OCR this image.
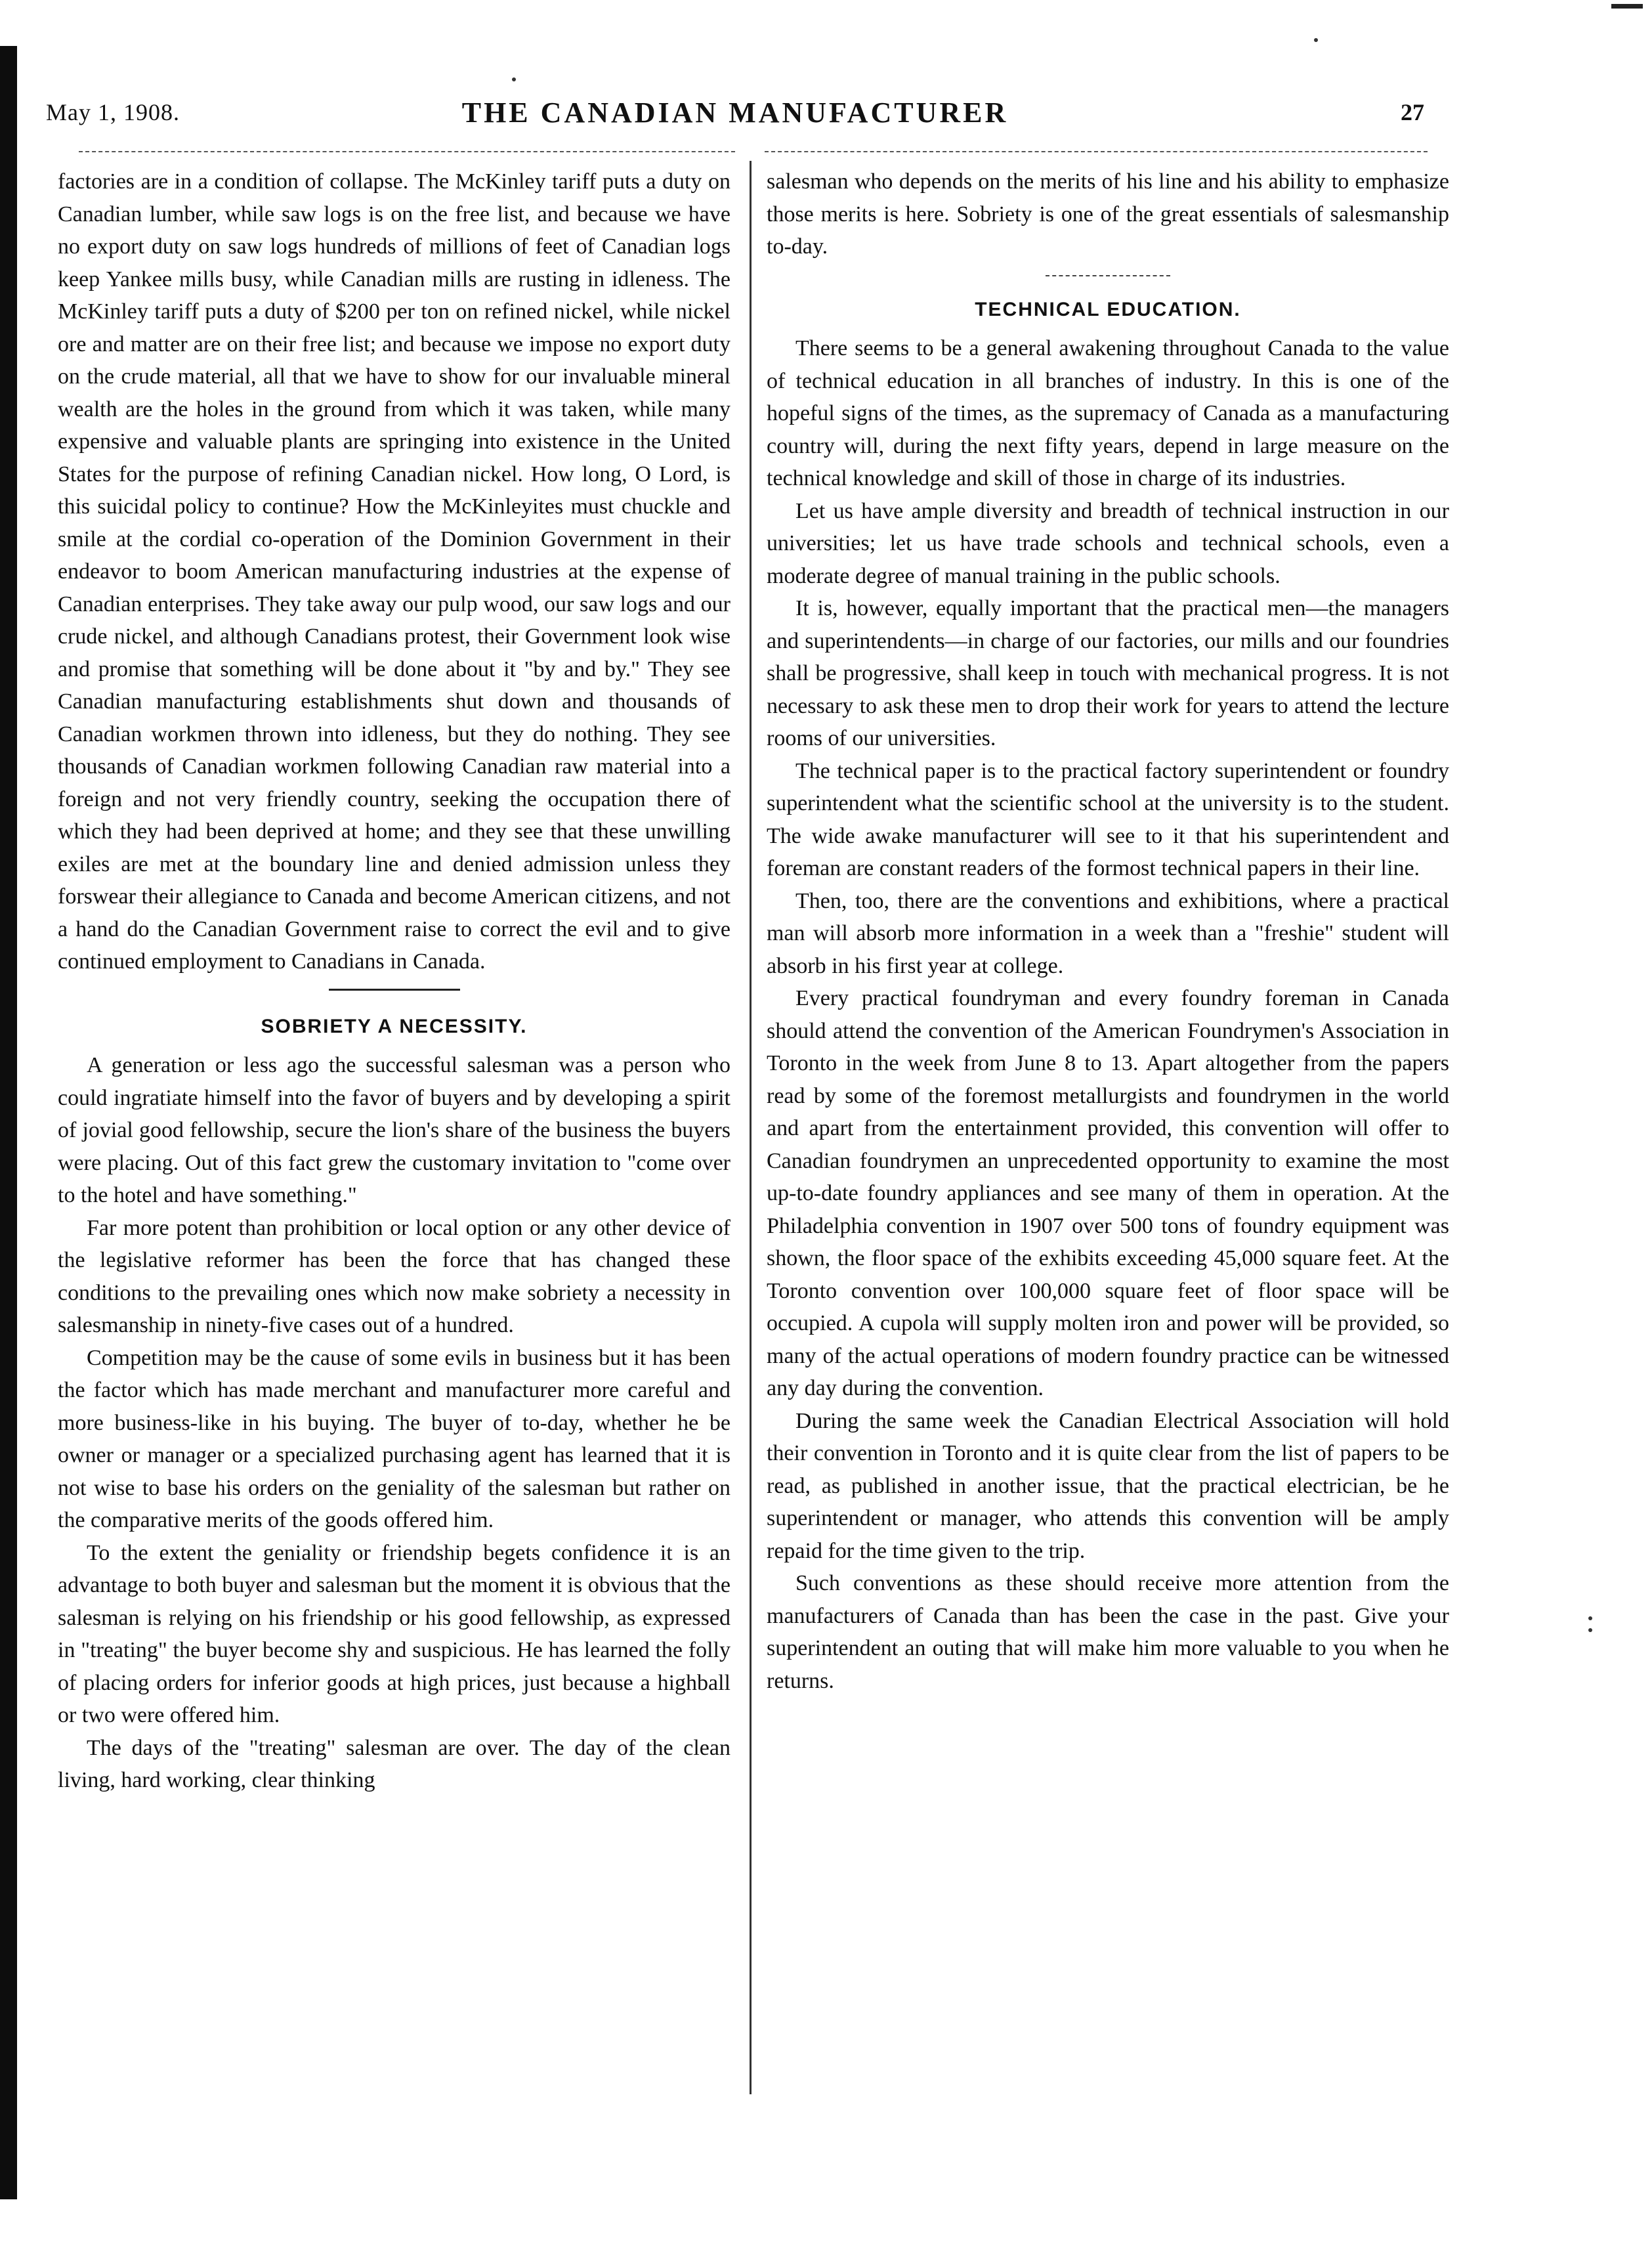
May 1, 1908.	THE CANADIAN MANUFACTURER	27

factories are in a condition of collapse. The McKinley tariff puts a duty on Canadian lumber, while saw logs is on the free list, and because we have no export duty on saw logs hundreds of millions of feet of Canadian logs keep Yankee mills busy, while Canadian mills are rusting in idleness. The McKinley tariff puts a duty of $200 per ton on refined nickel, while nickel ore and matter are on their free list; and because we impose no export duty on the crude material, all that we have to show for our invaluable mineral wealth are the holes in the ground from which it was taken, while many expensive and valuable plants are springing into existence in the United States for the purpose of refining Canadian nickel. How long, O Lord, is this suicidal policy to continue? How the McKinleyites must chuckle and smile at the cordial co-operation of the Dominion Government in their endeavor to boom American manufacturing industries at the expense of Canadian enterprises. They take away our pulp wood, our saw logs and our crude nickel, and although Canadians protest, their Government look wise and promise that something will be done about it "by and by." They see Canadian manufacturing establishments shut down and thousands of Canadian workmen thrown into idleness, but they do nothing. They see thousands of Canadian workmen following Canadian raw material into a foreign and not very friendly country, seeking the occupation there of which they had been deprived at home; and they see that these unwilling exiles are met at the boundary line and denied admission unless they forswear their allegiance to Canada and become American citizens, and not a hand do the Canadian Government raise to correct the evil and to give continued employment to Canadians in Canada.

SOBRIETY A NECESSITY.

A generation or less ago the successful salesman was a person who could ingratiate himself into the favor of buyers and by developing a spirit of jovial good fellowship, secure the lion's share of the business the buyers were placing. Out of this fact grew the customary invitation to "come over to the hotel and have something."

Far more potent than prohibition or local option or any other device of the legislative reformer has been the force that has changed these conditions to the prevailing ones which now make sobriety a necessity in salesmanship in ninety-five cases out of a hundred.

Competition may be the cause of some evils in business but it has been the factor which has made merchant and manufacturer more careful and more business-like in his buying. The buyer of to-day, whether he be owner or manager or a specialized purchasing agent has learned that it is not wise to base his orders on the geniality of the salesman but rather on the comparative merits of the goods offered him.

To the extent the geniality or friendship begets confidence it is an advantage to both buyer and salesman but the moment it is obvious that the salesman is relying on his friendship or his good fellowship, as expressed in "treating" the buyer become shy and suspicious. He has learned the folly of placing orders for inferior goods at high prices, just because a highball or two were offered him.

The days of the "treating" salesman are over. The day of the clean living, hard working, clear thinking

salesman who depends on the merits of his line and his ability to emphasize those merits is here. Sobriety is one of the great essentials of salesmanship to-day.

TECHNICAL EDUCATION.

There seems to be a general awakening throughout Canada to the value of technical education in all branches of industry. In this is one of the hopeful signs of the times, as the supremacy of Canada as a manufacturing country will, during the next fifty years, depend in large measure on the technical knowledge and skill of those in charge of its industries.

Let us have ample diversity and breadth of technical instruction in our universities; let us have trade schools and technical schools, even a moderate degree of manual training in the public schools.

It is, however, equally important that the practical men—the managers and superintendents—in charge of our factories, our mills and our foundries shall be progressive, shall keep in touch with mechanical progress. It is not necessary to ask these men to drop their work for years to attend the lecture rooms of our universities.

The technical paper is to the practical factory superintendent or foundry superintendent what the scientific school at the university is to the student. The wide awake manufacturer will see to it that his superintendent and foreman are constant readers of the formost technical papers in their line.

Then, too, there are the conventions and exhibitions, where a practical man will absorb more information in a week than a "freshie" student will absorb in his first year at college.

Every practical foundryman and every foundry foreman in Canada should attend the convention of the American Foundrymen's Association in Toronto in the week from June 8 to 13. Apart altogether from the papers read by some of the foremost metallurgists and foundrymen in the world and apart from the entertainment provided, this convention will offer to Canadian foundrymen an unprecedented opportunity to examine the most up-to-date foundry appliances and see many of them in operation. At the Philadelphia convention in 1907 over 500 tons of foundry equipment was shown, the floor space of the exhibits exceeding 45,000 square feet. At the Toronto convention over 100,000 square feet of floor space will be occupied. A cupola will supply molten iron and power will be provided, so many of the actual operations of modern foundry practice can be witnessed any day during the convention.

During the same week the Canadian Electrical Association will hold their convention in Toronto and it is quite clear from the list of papers to be read, as published in another issue, that the practical electrician, be he superintendent or manager, who attends this convention will be amply repaid for the time given to the trip.

Such conventions as these should receive more attention from the manufacturers of Canada than has been the case in the past. Give your superintendent an outing that will make him more valuable to you when he returns.
